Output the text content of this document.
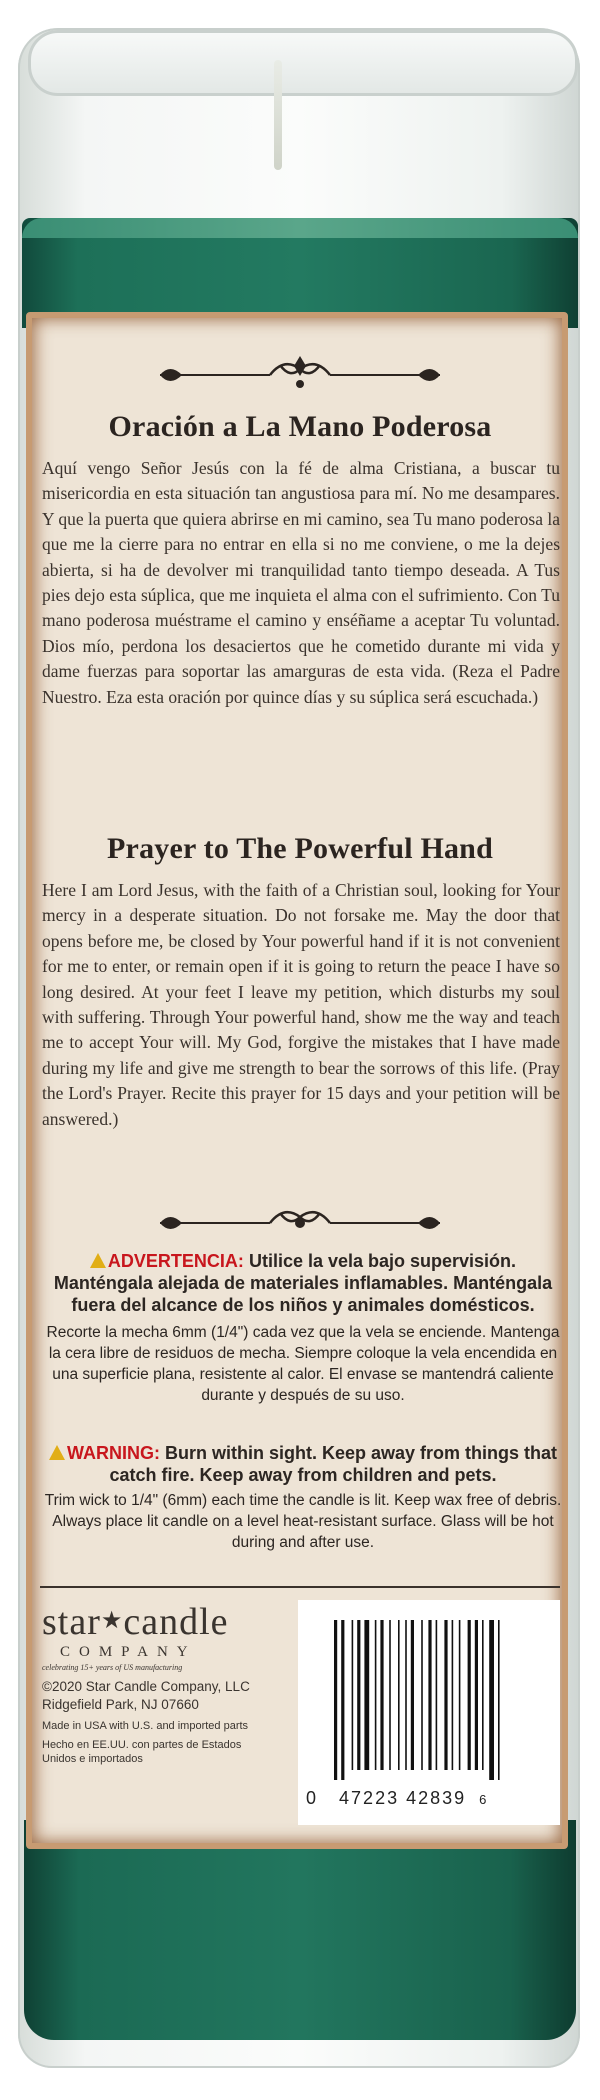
Oración a La Mano Poderosa
Aquí vengo Señor Jesús con la fé de alma Cristiana, a buscar tu misericordia en esta situación tan angustiosa para mí. No me desampares. Y que la puerta que quiera abrirse en mi camino, sea Tu mano poderosa la que me la cierre para no entrar en ella si no me conviene, o me la dejes abierta, si ha de devolver mi tranquilidad tanto tiempo deseada. A Tus pies dejo esta súplica, que me inquieta el alma con el sufrimiento. Con Tu mano poderosa muéstrame el camino y enséñame a aceptar Tu voluntad. Dios mío, perdona los desaciertos que he cometido durante mi vida y dame fuerzas para soportar las amarguras de esta vida. (Reza el Padre Nuestro. Eza esta oración por quince días y su súplica será escuchada.)
Prayer to The Powerful Hand
Here I am Lord Jesus, with the faith of a Christian soul, looking for Your mercy in a desperate situation. Do not forsake me. May the door that opens before me, be closed by Your powerful hand if it is not convenient for me to enter, or remain open if it is going to return the peace I have so long desired. At your feet I leave my petition, which disturbs my soul with suffering. Through Your powerful hand, show me the way and teach me to accept Your will. My God, forgive the mistakes that I have made during my life and give me strength to bear the sorrows of this life. (Pray the Lord's Prayer. Recite this prayer for 15 days and your petition will be answered.)
ADVERTENCIA: Utilice la vela bajo supervisión. Manténgala alejada de materiales inflamables. Manténgala fuera del alcance de los niños y animales domésticos.
Recorte la mecha 6mm (1/4") cada vez que la vela se enciende. Mantenga la cera libre de residuos de mecha. Siempre coloque la vela encendida en una superficie plana, resistente al calor. El envase se mantendrá caliente durante y después de su uso.
WARNING: Burn within sight. Keep away from things that catch fire. Keep away from children and pets.
Trim wick to 1/4" (6mm) each time the candle is lit. Keep wax free of debris. Always place lit candle on a level heat-resistant surface. Glass will be hot during and after use.
star★candle
COMPANY
celebrating 15+ years of US manufacturing
©2020 Star Candle Company, LLC
Ridgefield Park, NJ 07660
Made in USA with U.S. and imported parts
Hecho en EE.UU. con partes de Estados Unidos e importados
0 47223 42839 6
